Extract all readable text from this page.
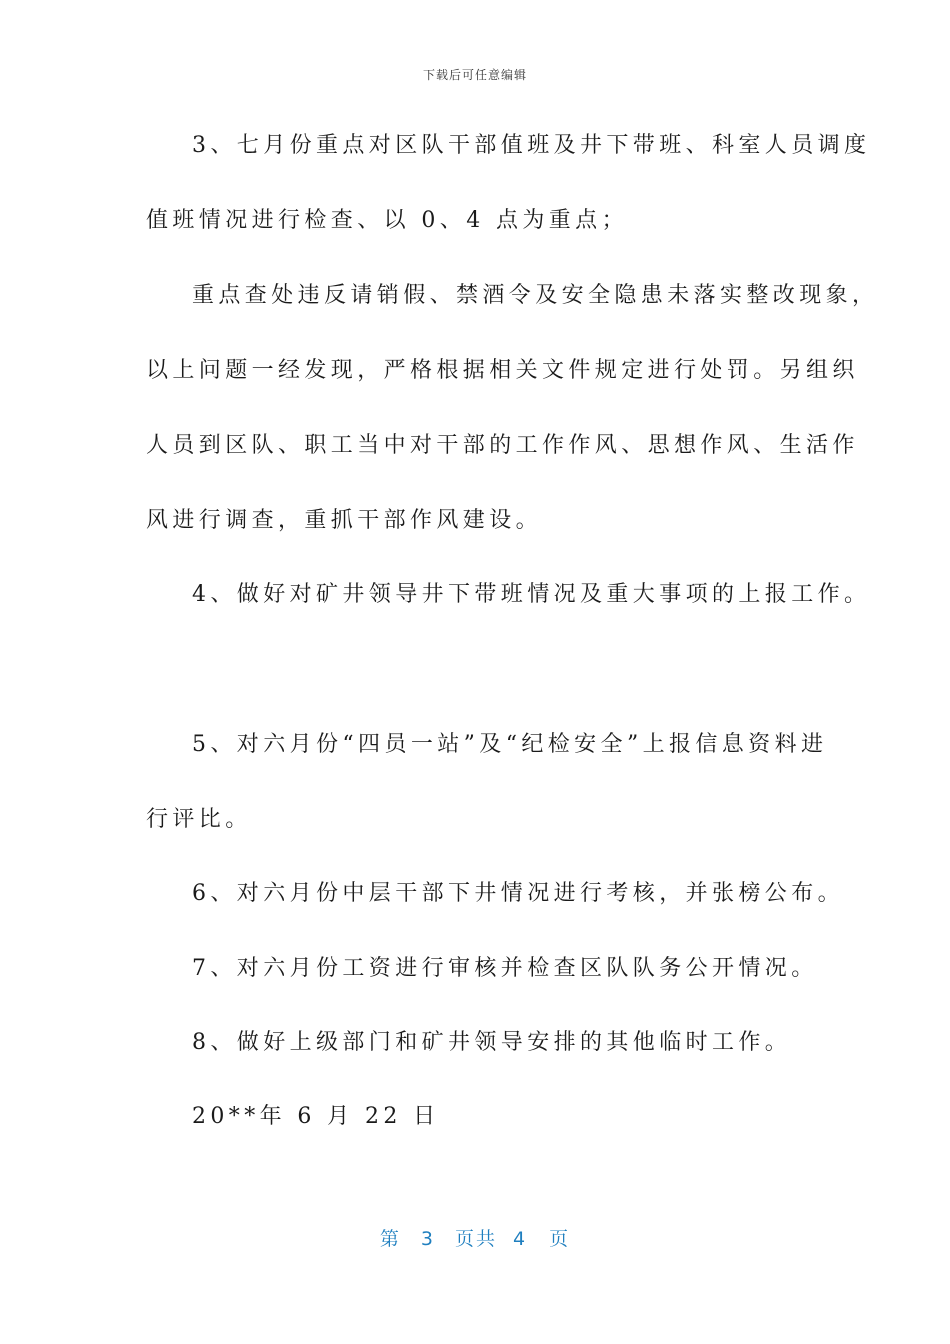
下载后可任意编辑
3、七月份重点对区队干部值班及井下带班、科室人员调度
值班情况进行检查、以 0、4 点为重点；
重点查处违反请销假、禁酒令及安全隐患未落实整改现象，
以上问题一经发现，严格根据相关文件规定进行处罚。另组织
人员到区队、职工当中对干部的工作作风、思想作风、生活作
风进行调查，重抓干部作风建设。
4、做好对矿井领导井下带班情况及重大事项的上报工作。
5、对六月份“四员一站”及“纪检安全”上报信息资料进
行评比。
6、对六月份中层干部下井情况进行考核，并张榜公布。
7、对六月份工资进行审核并检查区队队务公开情况。
8、做好上级部门和矿井领导安排的其他临时工作。
20**年 6 月 22 日
第 3 页共 4 页
